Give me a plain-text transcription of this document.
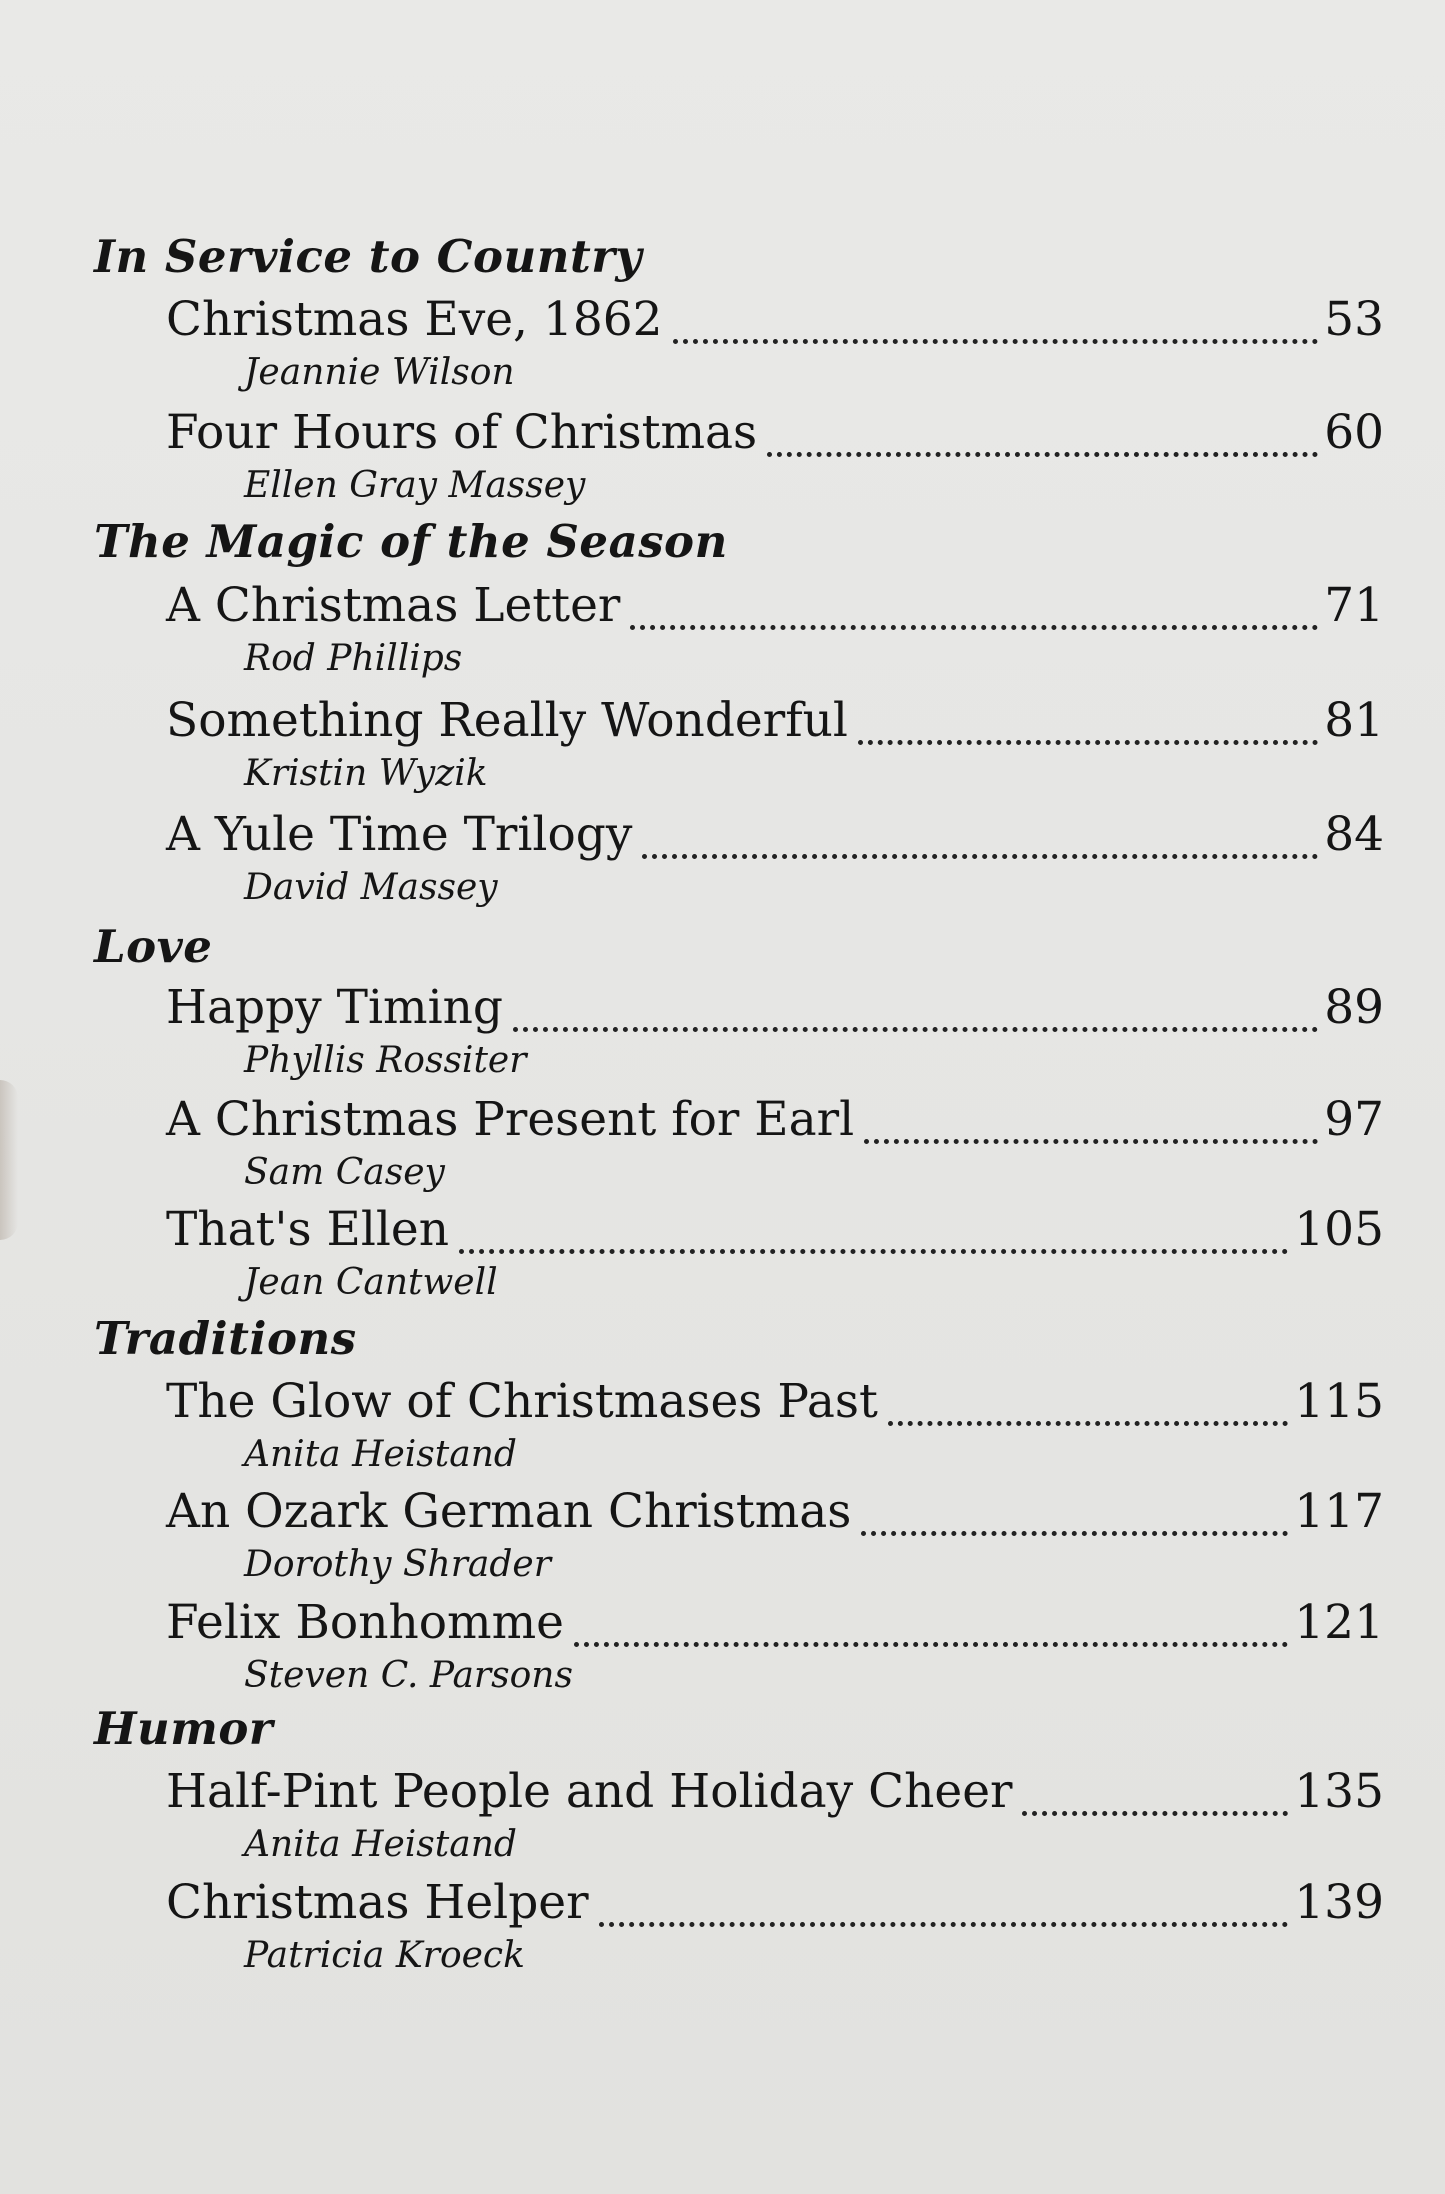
In Service to Country
Christmas Eve, 1862	53
Jeannie Wilson
Four Hours of Christmas	60
Ellen Gray Massey
The Magic of the Season
A Christmas Letter	71
Rod Phillips
Something Really Wonderful	81
Kristin Wyzik
A Yule Time Trilogy	84
David Massey
Love
Happy Timing	89
Phyllis Rossiter
A Christmas Present for Earl	97
Sam Casey
That's Ellen	105
Jean Cantwell
Traditions
The Glow of Christmases Past	115
Anita Heistand
An Ozark German Christmas	117
Dorothy Shrader
Felix Bonhomme	121
Steven C. Parsons
Humor
Half-Pint People and Holiday Cheer	135
Anita Heistand
Christmas Helper	139
Patricia Kroeck
